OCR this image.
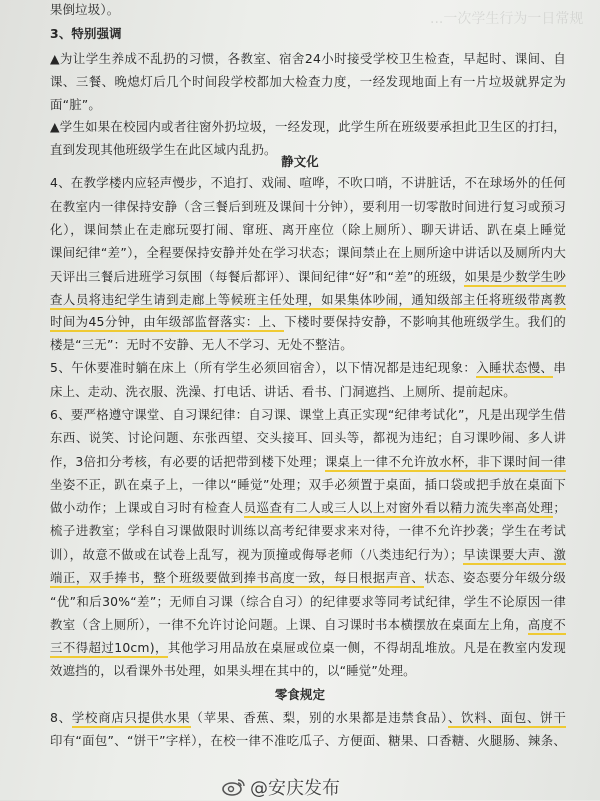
...一次学生行为一日常规
果倒垃圾）。
3、特别强调
▲为让学生养成不乱扔的习惯，各教室、宿舍24小时接受学校卫生检查，早起时、课间、自
课、三餐、晚熄灯后几个时间段学校都加大检查力度，一经发现地面上有一片垃圾就界定为
面“脏”。
▲学生如果在校园内或者往窗外扔垃圾，一经发现，此学生所在班级要承担此卫生区的打扫，
直到发现其他班级学生在此区域内乱扔。
静文化
4、在教学楼内应轻声慢步，不追打、戏闹、喧哗，不吹口哨，不讲脏话，不在球场外的任何
在教室内一律保持安静（含三餐后到班及课间十分钟），要利用一切零散时间进行复习或预习
化），课间禁止在走廊玩耍打闹、窜班、离开座位（除上厕所）、聊天讲话、趴在桌上睡觉
课间纪律“差”），全程要保持安静并处在学习状态；课间禁止在上厕所途中讲话以及厕所内大
天评出三餐后进班学习氛围（每餐后都评）、课间纪律“好”和“差”的班级，如果是少数学生吵
查人员将违纪学生请到走廊上等候班主任处理，如果集体吵闹，通知级部主任将班级带离教
时间为45分钟，由年级部监督落实：上、下楼时要保持安静，不影响其他班级学生。我们的
楼是“三无”：无时不安静、无人不学习、无处不整洁。
5、午休要准时躺在床上（所有学生必须回宿舍），以下情况都是违纪现象：入睡状态慢、串
床上、走动、洗衣服、洗澡、打电话、讲话、看书、门洞遮挡、上厕所、提前起床。
6、要严格遵守课堂、自习课纪律：自习课、课堂上真正实现“纪律考试化”，凡是出现学生借
东西、说笑、讨论问题、东张西望、交头接耳、回头等，都视为违纪；自习课吵闹、多人讲
作，3倍扣分考核，有必要的话把带到楼下处理；课桌上一律不允许放水杯，非下课时间一律
坐姿不正，趴在桌子上，一律以“睡觉”处理；双手必须置于桌面，插口袋或把手放在桌面下
做小动作；上课或自习时有检查人员巡查有二人或三人以上对窗外看以精力流失率高处理；
梳子进教室；学科自习课做限时训练以高考纪律要求来对待，一律不允许抄袭；学生在考试
训），故意不做或在试卷上乱写，视为顶撞或侮辱老师（八类违纪行为）；早读课要大声、激
端正，双手捧书，整个班级要做到捧书高度一致，每日根据声音、状态、姿态要分年级分级
“优”和后30%“差”；无师自习课（综合自习）的纪律要求等同考试纪律，学生不论原因一律
教室（含上厕所），一律不允许讨论问题。上课、自习课时书本横摆放在桌面左上角，高度不
三不得超过10cm)，其他学习用品放在桌屉或位桌一侧，不得胡乱堆放。凡是在教室内发现
效遮挡的，以看课外书处理，如果头埋在其中的，以“睡觉”处理。
零食规定
8、学校商店只提供水果（苹果、香蕉、梨，别的水果都是违禁食品）、饮料、面包、饼干
印有“面包”、“饼干”字样），在校一律不准吃瓜子、方便面、糖果、口香糖、火腿肠、辣条、
@安庆发布
